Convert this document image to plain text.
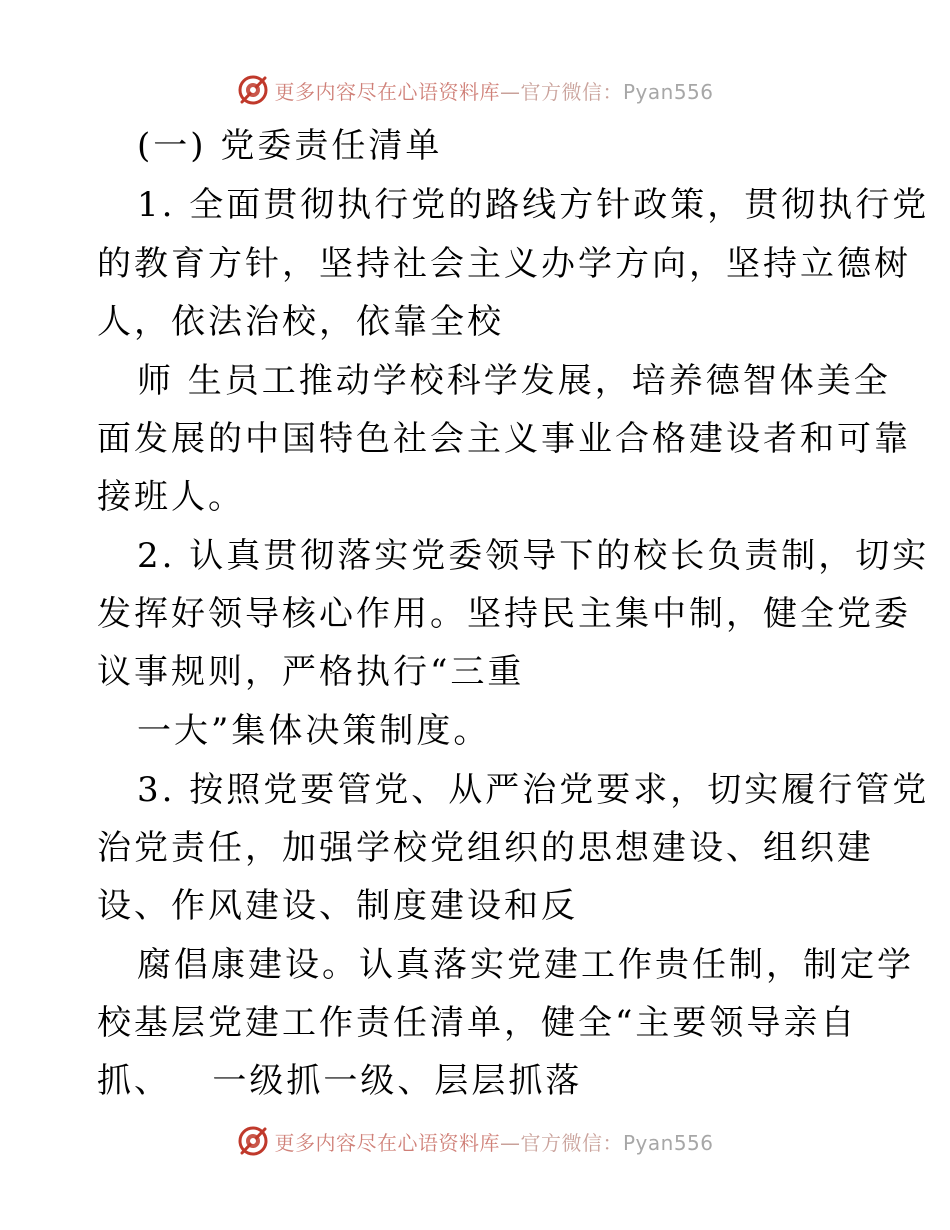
更多内容尽在心语资料库—官方微信：Pyan556
(一) 党委责任清单
1. 全面贯彻执行党的路线方针政策，贯彻执行党
的教育方针，坚持社会主义办学方向，坚持立德树
人，依法治校，依靠全校
师 生员工推动学校科学发展，培养德智体美全
面发展的中国特色社会主义事业合格建设者和可靠
接班人。
2. 认真贯彻落实党委领导下的校长负责制，切实
发挥好领导核心作用。坚持民主集中制，健全党委
议事规则，严格执行“三重
一大”集体决策制度。
3. 按照党要管党、从严治党要求，切实履行管党
治党责任，加强学校党组织的思想建设、组织建
设、作风建设、制度建设和反
腐倡康建设。认真落实党建工作贵任制，制定学
校基层党建工作责任清单，健全“主要领导亲自
抓、   一级抓一级、层层抓落
更多内容尽在心语资料库—官方微信：Pyan556
